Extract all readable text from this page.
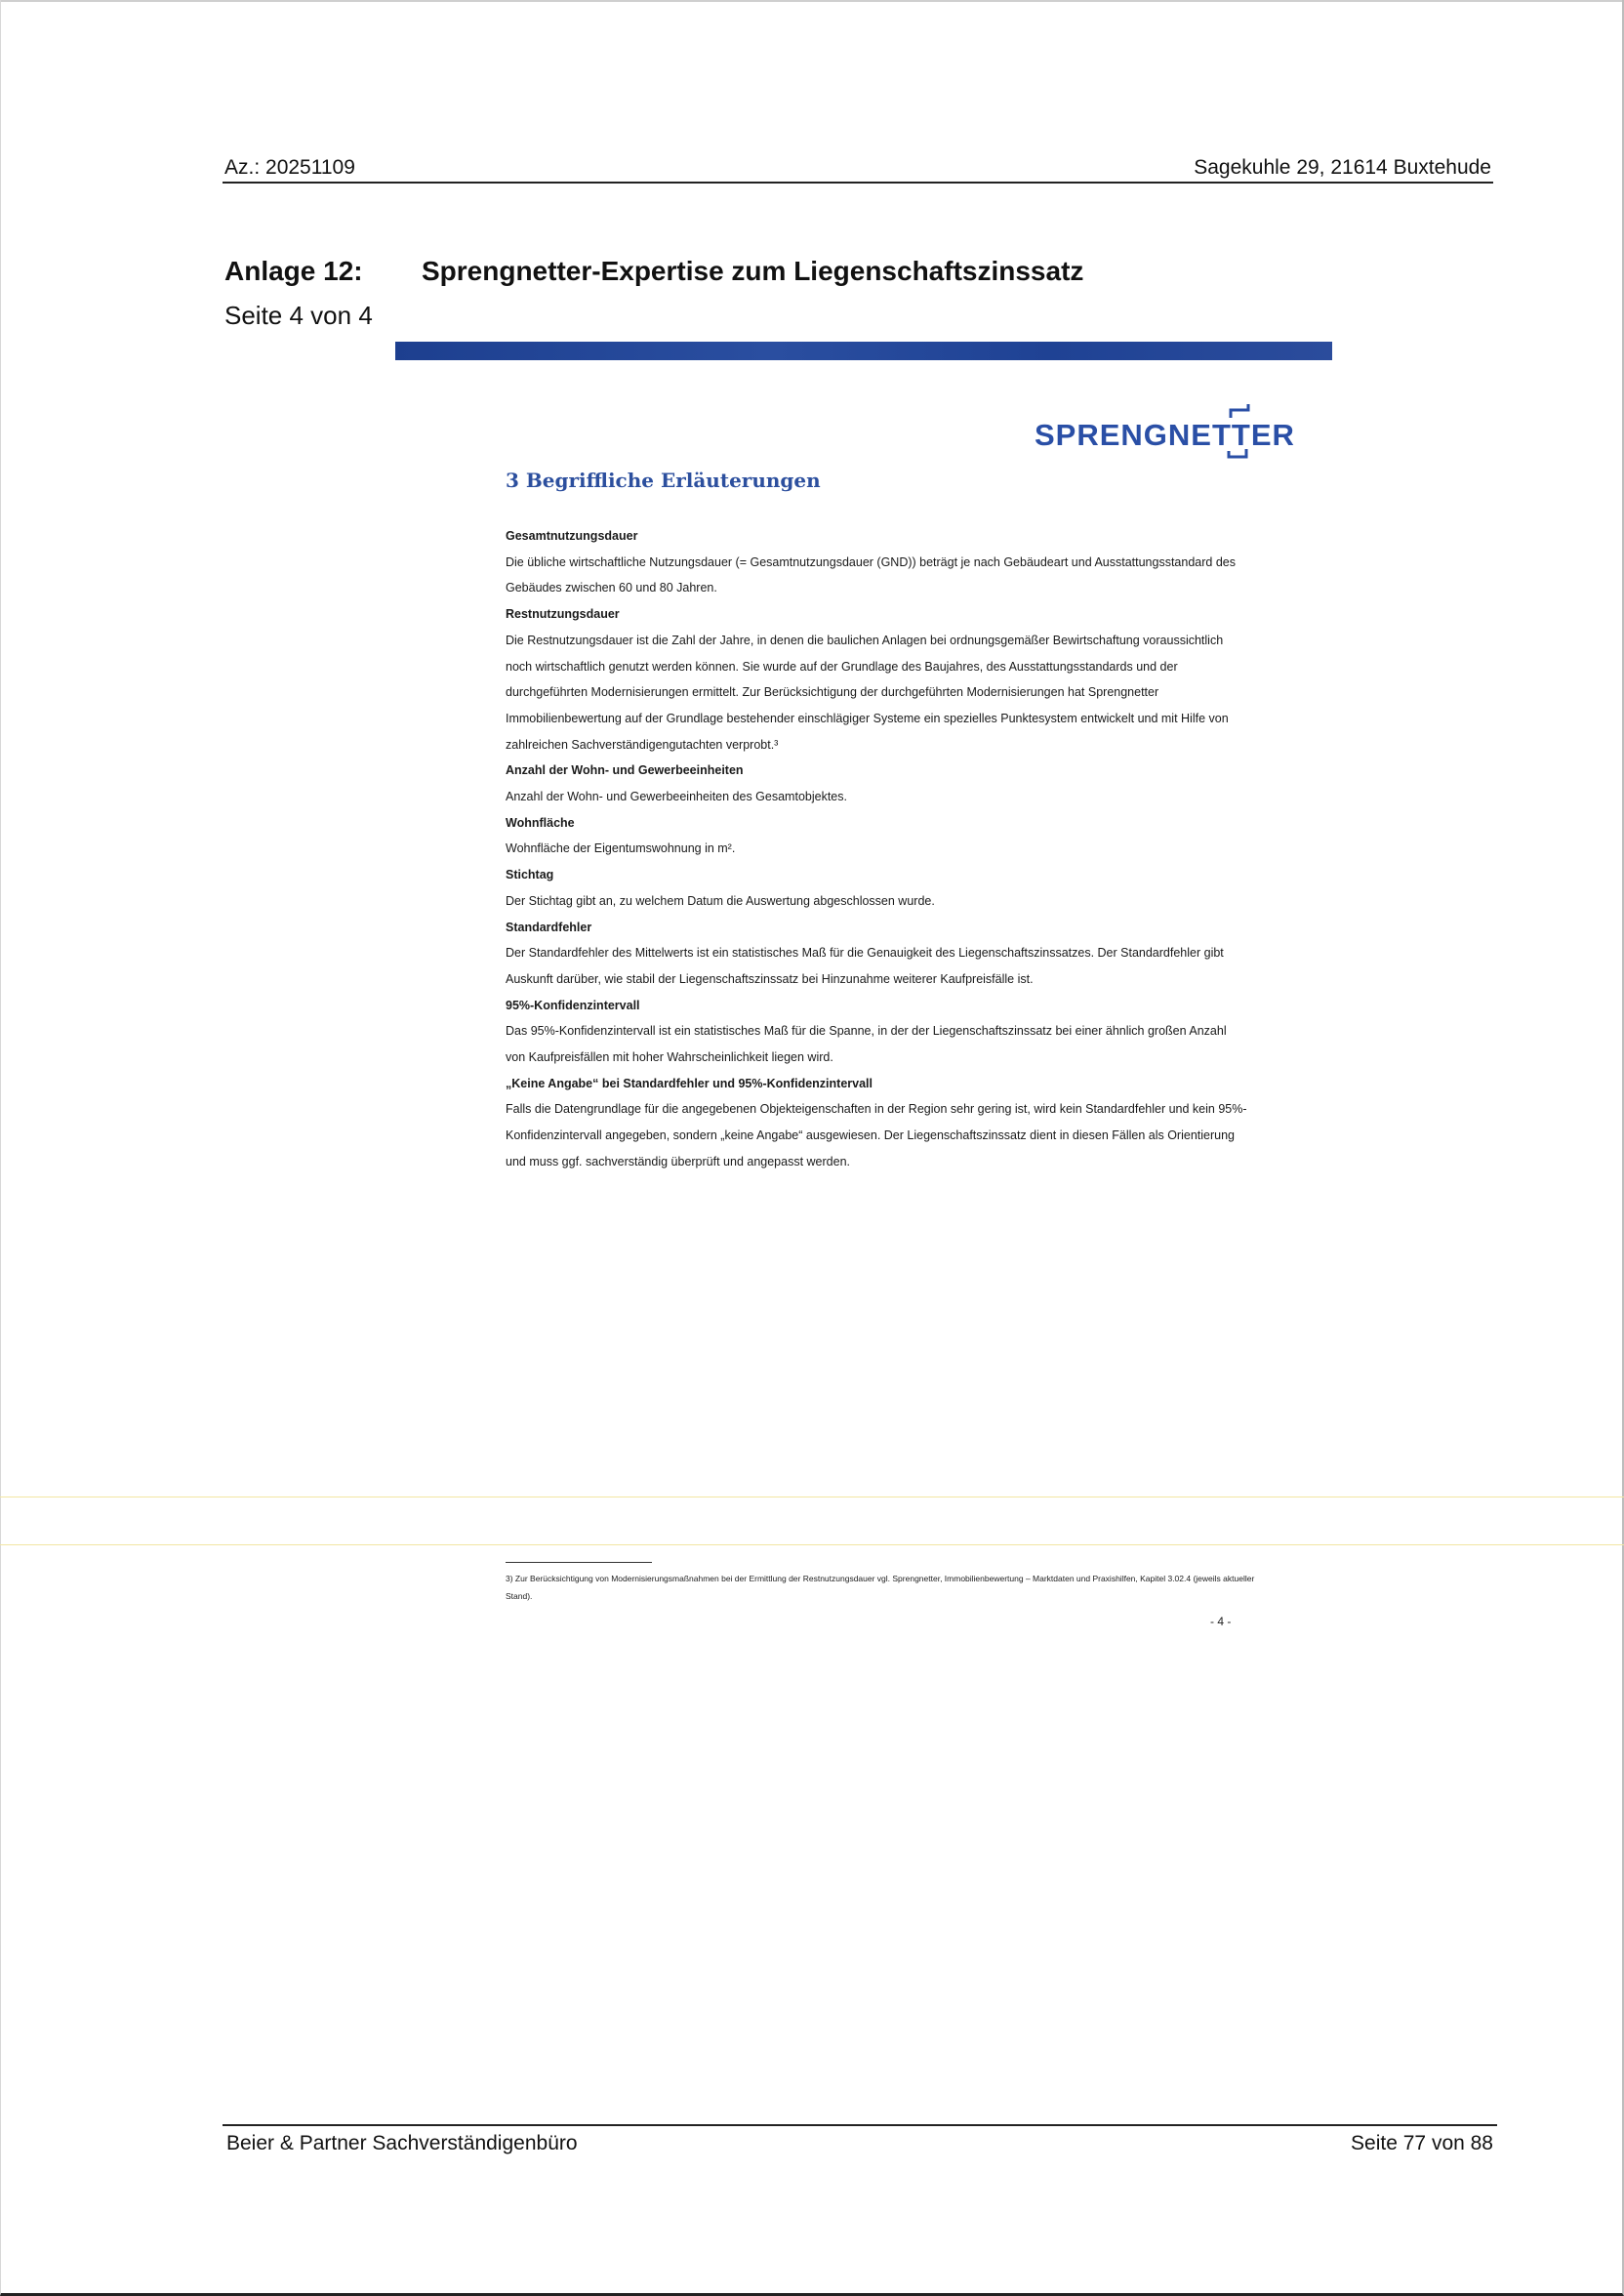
Az.: 20251109	Sagekuhle 29, 21614 Buxtehude
Anlage 12:
Seite 4 von 4
Sprengnetter-Expertise zum Liegenschaftszinssatz
SPRENGNETTER
3 Begriffliche Erläuterungen
Gesamtnutzungsdauer

Die übliche wirtschaftliche Nutzungsdauer (= Gesamtnutzungsdauer (GND)) beträgt je nach Gebäudeart und Ausstattungsstandard des Gebäudes zwischen 60 und 80 Jahren.

Restnutzungsdauer

Die Restnutzungsdauer ist die Zahl der Jahre, in denen die baulichen Anlagen bei ordnungsgemäßer Bewirtschaftung voraussichtlich noch wirtschaftlich genutzt werden können. Sie wurde auf der Grundlage des Baujahres, des Ausstattungsstandards und der durchgeführten Modernisierungen ermittelt. Zur Berücksichtigung der durchgeführten Modernisierungen hat Sprengnetter Immobilienbewertung auf der Grundlage bestehender einschlägiger Systeme ein spezielles Punktesystem entwickelt und mit Hilfe von zahlreichen Sachverständigengutachten verprobt.³

Anzahl der Wohn- und Gewerbeeinheiten

Anzahl der Wohn- und Gewerbeeinheiten des Gesamtobjektes.

Wohnfläche

Wohnfläche der Eigentumswohnung in m².

Stichtag

Der Stichtag gibt an, zu welchem Datum die Auswertung abgeschlossen wurde.

Standardfehler

Der Standardfehler des Mittelwerts ist ein statistisches Maß für die Genauigkeit des Liegenschaftszinssatzes. Der Standardfehler gibt Auskunft darüber, wie stabil der Liegenschaftszinssatz bei Hinzunahme weiterer Kaufpreisfälle ist.

95%-Konfidenzintervall

Das 95%-Konfidenzintervall ist ein statistisches Maß für die Spanne, in der der Liegenschaftszinssatz bei einer ähnlich großen Anzahl von Kaufpreisfällen mit hoher Wahrscheinlichkeit liegen wird.

„Keine Angabe“ bei Standardfehler und 95%-Konfidenzintervall

Falls die Datengrundlage für die angegebenen Objekteigenschaften in der Region sehr gering ist, wird kein Standardfehler und kein 95%-Konfidenzintervall angegeben, sondern „keine Angabe“ ausgewiesen. Der Liegenschaftszinssatz dient in diesen Fällen als Orientierung und muss ggf. sachverständig überprüft und angepasst werden.

3) Zur Berücksichtigung von Modernisierungsmaßnahmen bei der Ermittlung der Restnutzungsdauer vgl. Sprengnetter, Immobilienbewertung – Marktdaten und Praxishilfen, Kapitel 3.02.4 (jeweils aktueller Stand).
- 4 -
Beier & Partner Sachverständigenbüro	Seite 77 von 88
